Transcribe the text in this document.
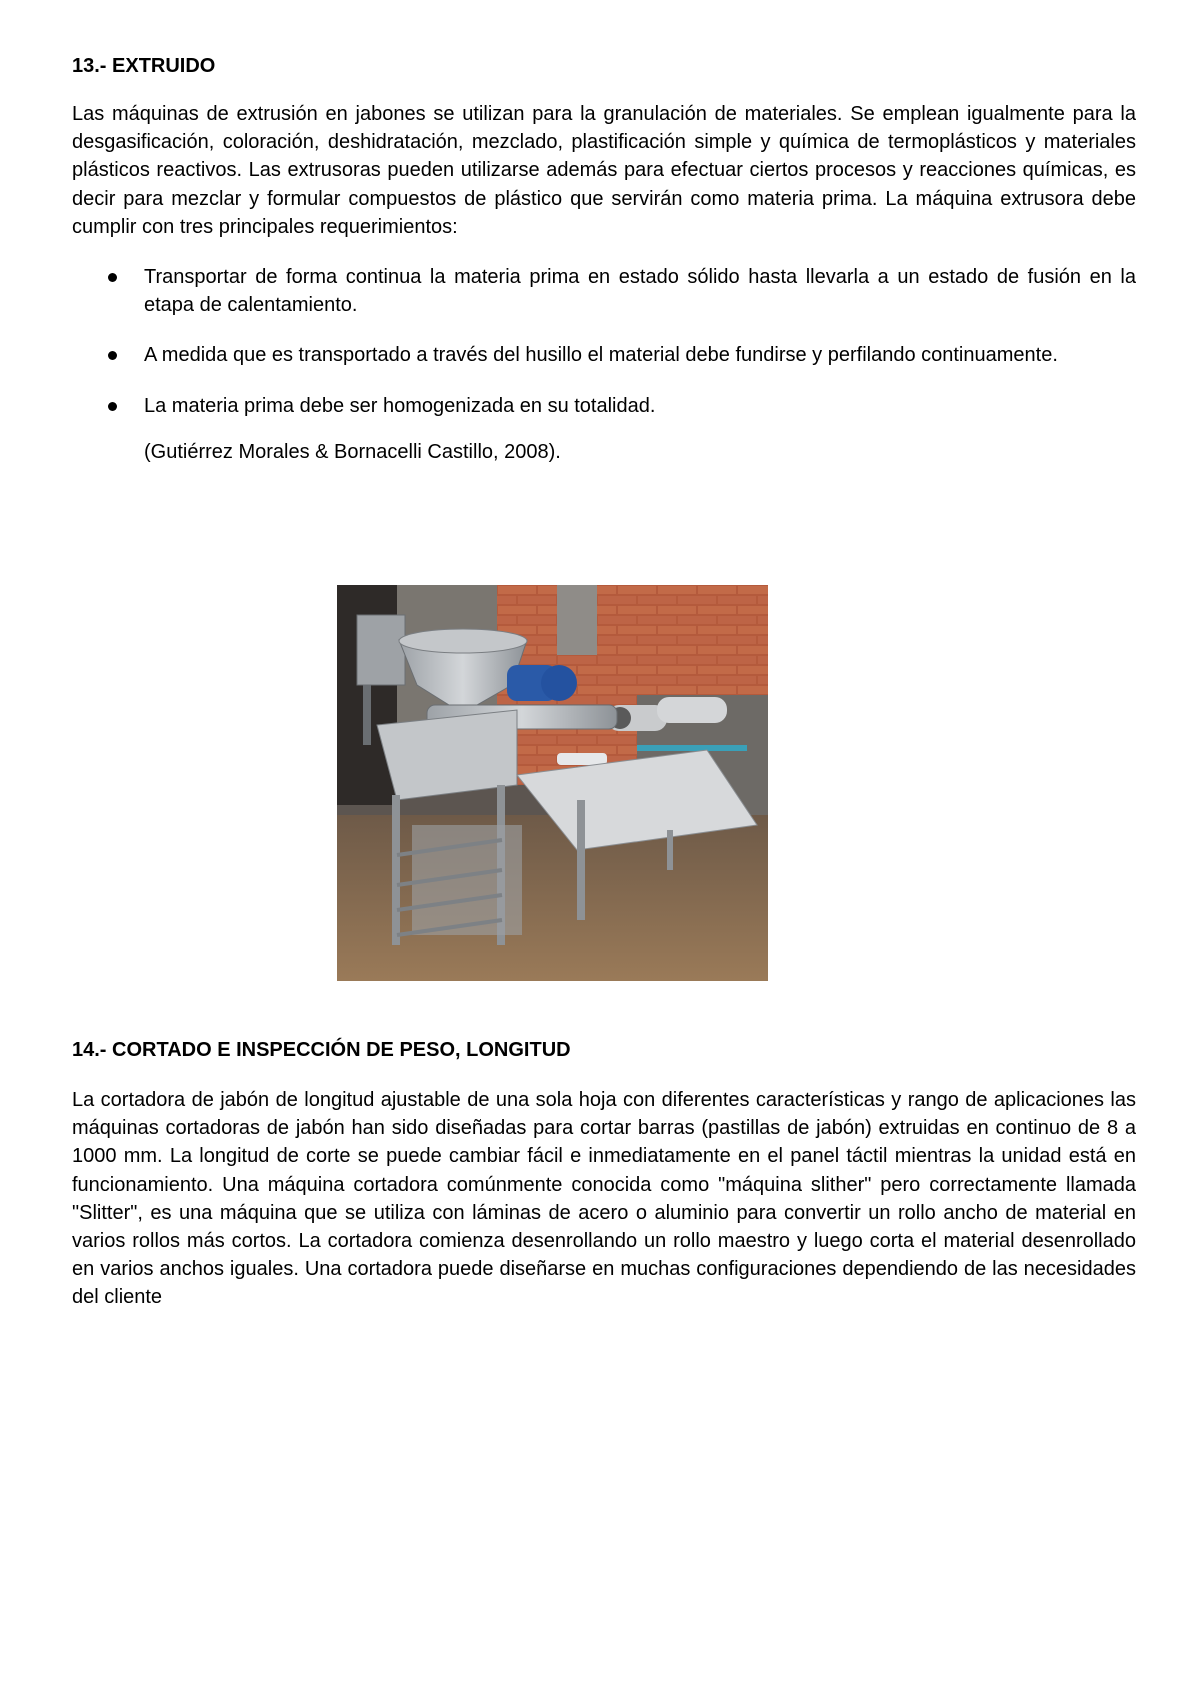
13.- EXTRUIDO

Las máquinas de extrusión en jabones se utilizan para la granulación de materiales. Se emplean igualmente para la desgasificación, coloración, deshidratación, mezclado, plastificación simple y química de termoplásticos y materiales plásticos reactivos. Las extrusoras pueden utilizarse además para efectuar ciertos procesos y reacciones químicas, es decir para mezclar y formular compuestos de plástico que servirán como materia prima. La máquina extrusora debe cumplir con tres principales requerimientos:

Transportar de forma continua la materia prima en estado sólido hasta llevarla a un estado de fusión en la etapa de calentamiento.
A medida que es transportado a través del husillo el material debe fundirse y perfilando continuamente.
La materia prima debe ser homogenizada en su totalidad.

(Gutiérrez Morales & Bornacelli Castillo, 2008).

14.- CORTADO E INSPECCIÓN DE PESO, LONGITUD

La cortadora de jabón de longitud ajustable de una sola hoja con diferentes características y rango de aplicaciones las máquinas cortadoras de jabón han sido diseñadas para cortar barras (pastillas de jabón) extruidas en continuo de 8 a 1000 mm. La longitud de corte se puede cambiar fácil e inmediatamente en el panel táctil mientras la unidad está en funcionamiento. Una máquina cortadora comúnmente conocida como "máquina slither" pero correctamente llamada "Slitter", es una máquina que se utiliza con láminas de acero o aluminio para convertir un rollo ancho de material en varios rollos más cortos. La cortadora comienza desenrollando un rollo maestro y luego corta el material desenrollado en varios anchos iguales. Una cortadora puede diseñarse en muchas configuraciones dependiendo de las necesidades del cliente
